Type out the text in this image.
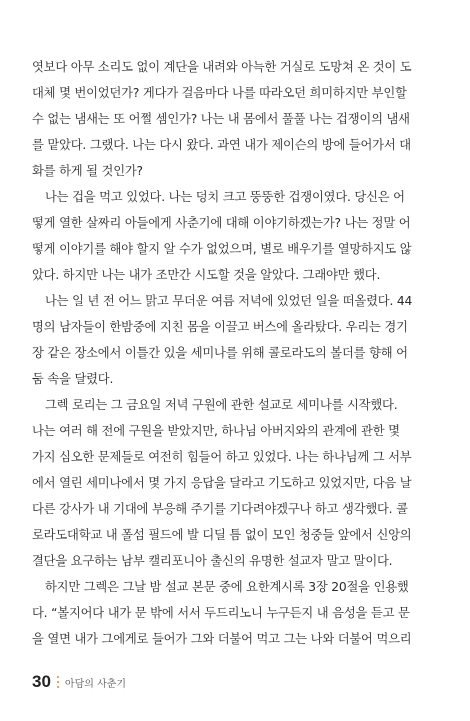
엿보다 아무 소리도 없이 계단을 내려와 아늑한 거실로 도망쳐 온 것이 도
대체 몇 번이었던가? 게다가 걸음마다 나를 따라오던 희미하지만 부인할
수 없는 냄새는 또 어쩔 셈인가? 나는 내 몸에서 풀풀 나는 겁쟁이의 냄새
를 맡았다. 그랬다. 나는 다시 왔다. 과연 내가 제이슨의 방에 들어가서 대
화를 하게 될 것인가?
나는 겁을 먹고 있었다. 나는 덩치 크고 뚱뚱한 겁쟁이였다. 당신은 어
떻게 열한 살짜리 아들에게 사춘기에 대해 이야기하겠는가? 나는 정말 어
떻게 이야기를 해야 할지 알 수가 없었으며, 별로 배우기를 열망하지도 않
았다. 하지만 나는 내가 조만간 시도할 것을 알았다. 그래야만 했다.
나는 일 년 전 어느 맑고 무더운 여름 저녁에 있었던 일을 떠올렸다. 44
명의 남자들이 한밤중에 지친 몸을 이끌고 버스에 올라탔다. 우리는 경기
장 같은 장소에서 이틀간 있을 세미나를 위해 콜로라도의 볼더를 향해 어
둠 속을 달렸다.
그렉 로리는 그 금요일 저녁 구원에 관한 설교로 세미나를 시작했다.
나는 여러 해 전에 구원을 받았지만, 하나님 아버지와의 관계에 관한 몇
가지 심오한 문제들로 여전히 힘들어 하고 있었다. 나는 하나님께 그 서부
에서 열린 세미나에서 몇 가지 응답을 달라고 기도하고 있었지만, 다음 날
다른 강사가 내 기대에 부응해 주기를 기다려야겠구나 하고 생각했다. 콜
로라도대학교 내 폴섬 필드에 발 디딜 틈 없이 모인 청중들 앞에서 신앙의
결단을 요구하는 남부 캘리포니아 출신의 유명한 설교자 말고 말이다.
하지만 그렉은 그날 밤 설교 본문 중에 요한계시록 3장 20절을 인용했
다. “볼지어다 내가 문 밖에 서서 두드리노니 누구든지 내 음성을 듣고 문
을 열면 내가 그에게로 들어가 그와 더불어 먹고 그는 나와 더불어 먹으리
30 아담의 사춘기
